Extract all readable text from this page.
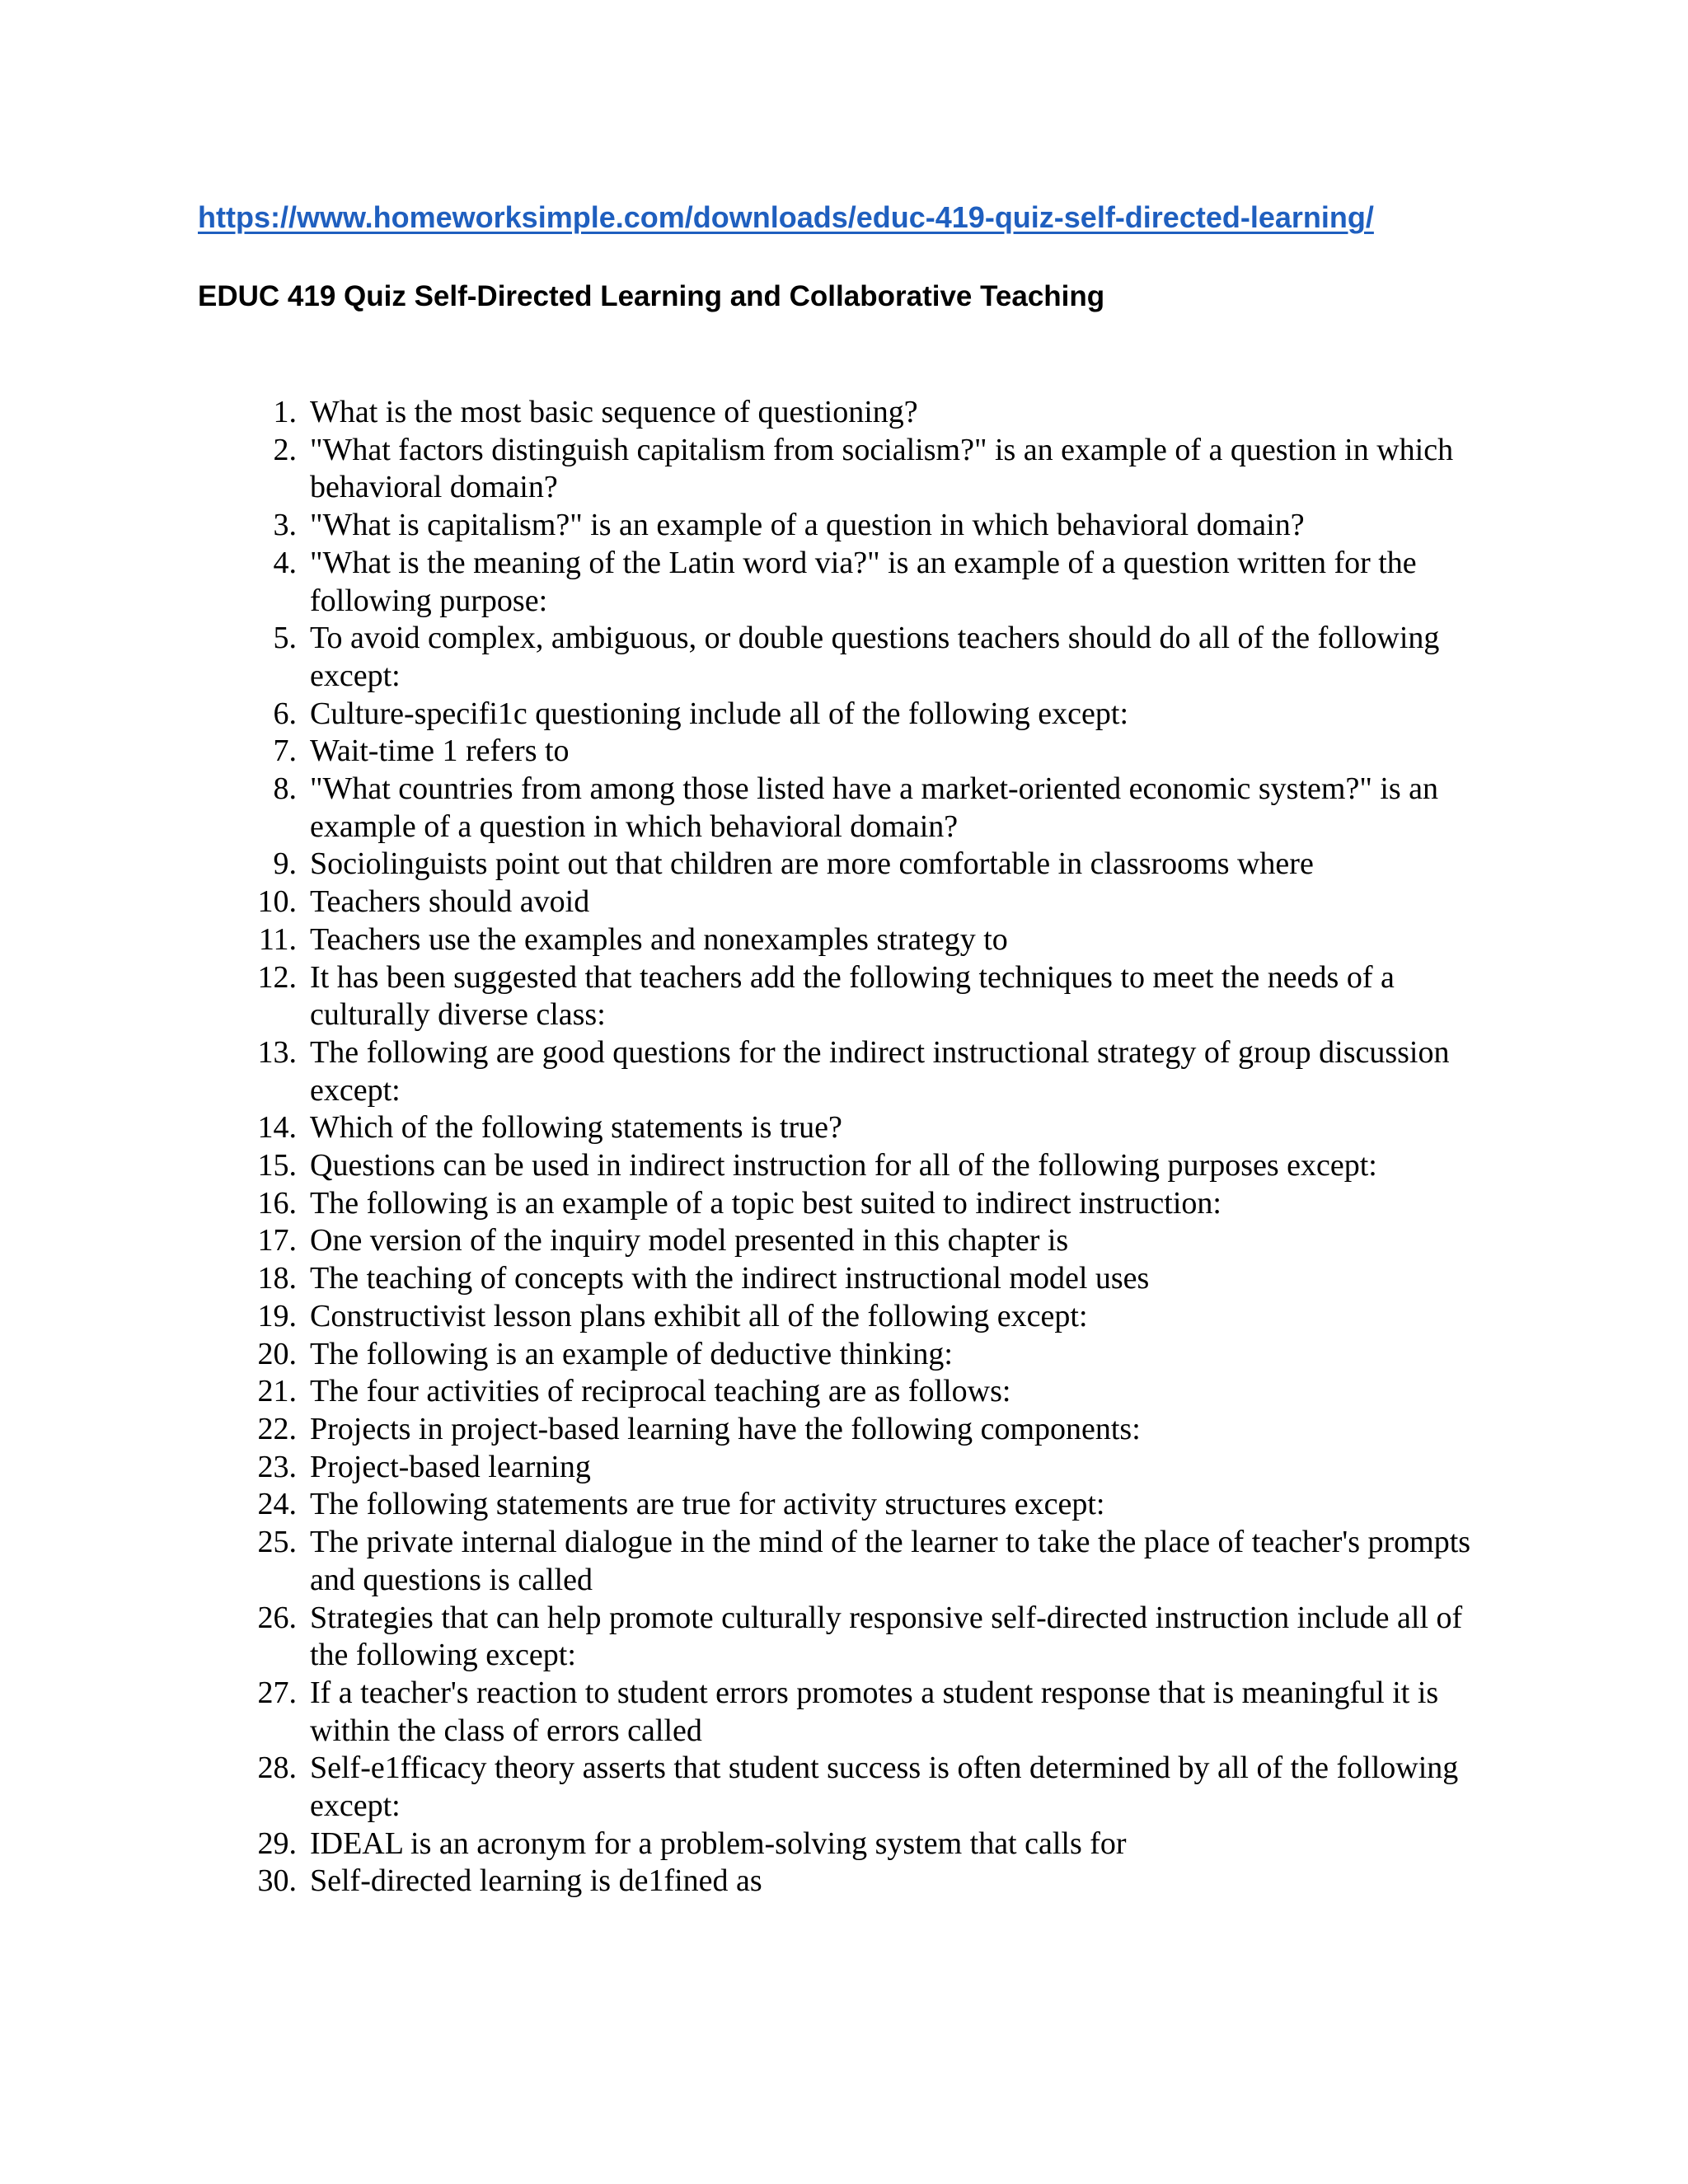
https://www.homeworksimple.com/downloads/educ-419-quiz-self-directed-learning/
EDUC 419 Quiz Self-Directed Learning and Collaborative Teaching
1. What is the most basic sequence of questioning?
2. "What factors distinguish capitalism from socialism?" is an example of a question in which behavioral domain?
3. "What is capitalism?" is an example of a question in which behavioral domain?
4. "What is the meaning of the Latin word via?" is an example of a question written for the following purpose:
5. To avoid complex, ambiguous, or double questions teachers should do all of the following except:
6. Culture-specifi1c questioning include all of the following except:
7. Wait-time 1 refers to
8. "What countries from among those listed have a market-oriented economic system?" is an example of a question in which behavioral domain?
9. Sociolinguists point out that children are more comfortable in classrooms where
10. Teachers should avoid
11. Teachers use the examples and nonexamples strategy to
12. It has been suggested that teachers add the following techniques to meet the needs of a culturally diverse class:
13. The following are good questions for the indirect instructional strategy of group discussion except:
14. Which of the following statements is true?
15. Questions can be used in indirect instruction for all of the following purposes except:
16. The following is an example of a topic best suited to indirect instruction:
17. One version of the inquiry model presented in this chapter is
18. The teaching of concepts with the indirect instructional model uses
19. Constructivist lesson plans exhibit all of the following except:
20. The following is an example of deductive thinking:
21. The four activities of reciprocal teaching are as follows:
22. Projects in project-based learning have the following components:
23. Project-based learning
24. The following statements are true for activity structures except:
25. The private internal dialogue in the mind of the learner to take the place of teacher's prompts and questions is called
26. Strategies that can help promote culturally responsive self-directed instruction include all of the following except:
27. If a teacher's reaction to student errors promotes a student response that is meaningful it is within the class of errors called
28. Self-e1fficacy theory asserts that student success is often determined by all of the following except:
29. IDEAL is an acronym for a problem-solving system that calls for
30. Self-directed learning is de1fined as
